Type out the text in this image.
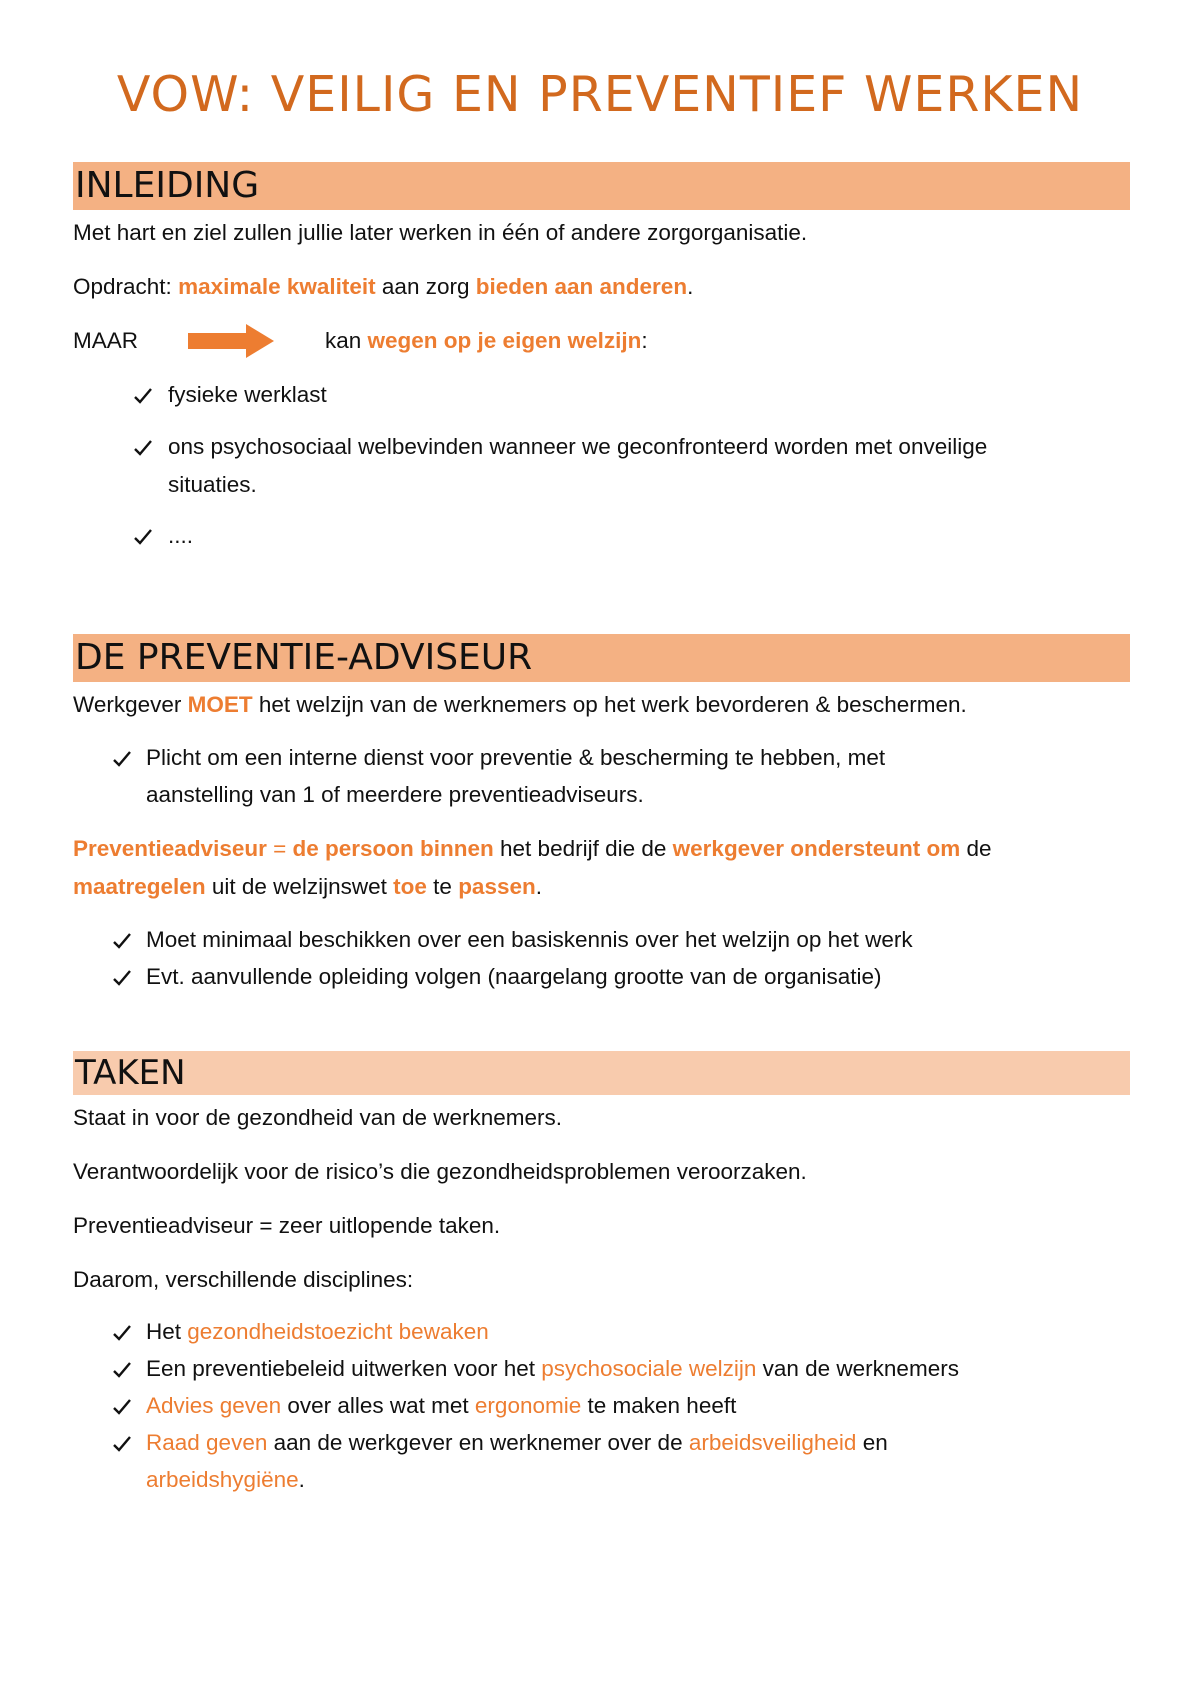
VOW: VEILIG EN PREVENTIEF WERKEN
INLEIDING
Met hart en ziel zullen jullie later werken in één of andere zorgorganisatie.
Opdracht: maximale kwaliteit aan zorg bieden aan anderen.
MAAR	kan wegen op je eigen welzijn:
fysieke werklast
ons psychosociaal welbevinden wanneer we geconfronteerd worden met onveilige
situaties.
....
DE PREVENTIE-ADVISEUR
Werkgever MOET het welzijn van de werknemers op het werk bevorderen & beschermen.
Plicht om een interne dienst voor preventie & bescherming te hebben, met
aanstelling van 1 of meerdere preventieadviseurs.
Preventieadviseur = de persoon binnen het bedrijf die de werkgever ondersteunt om de
maatregelen uit de welzijnswet toe te passen.
Moet minimaal beschikken over een basiskennis over het welzijn op het werk
Evt. aanvullende opleiding volgen (naargelang grootte van de organisatie)
TAKEN
Staat in voor de gezondheid van de werknemers.
Verantwoordelijk voor de risico’s die gezondheidsproblemen veroorzaken.
Preventieadviseur = zeer uitlopende taken.
Daarom, verschillende disciplines:
Het gezondheidstoezicht bewaken
Een preventiebeleid uitwerken voor het psychosociale welzijn van de werknemers
Advies geven over alles wat met ergonomie te maken heeft
Raad geven aan de werkgever en werknemer over de arbeidsveiligheid en
arbeidshygiëne.
